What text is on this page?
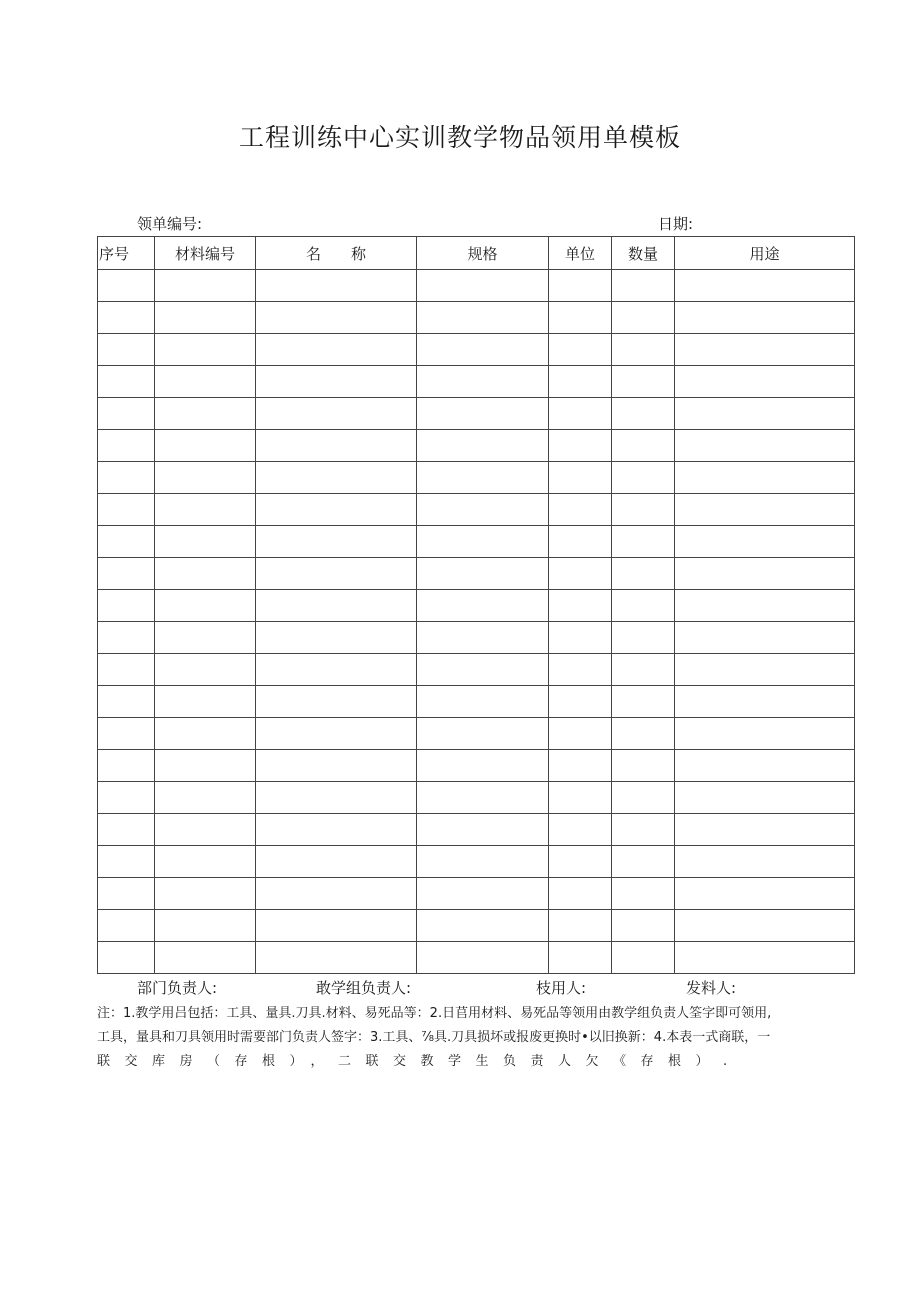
工程训练中心实训教学物品领用单模板
领单编号:	日期:
序号	材料编号	名　　称	规格	单位	数量	用途

部门负责人:	敢学组负责人:	枝用人:	发料人:
注：1.教学用吕包括：工具、量具.刀具.材料、易死品等：2.日苢用材料、易死品等领用由教学组负责人筌字即可领用,
工具，量具和刀具领用时需要部门负责人签字：3.工具、⅞具.刀具损坏或报废更换时•以旧换新：4.本表一式商联，一
联交库房（存根），二联交教学生负责人欠《存根）.
